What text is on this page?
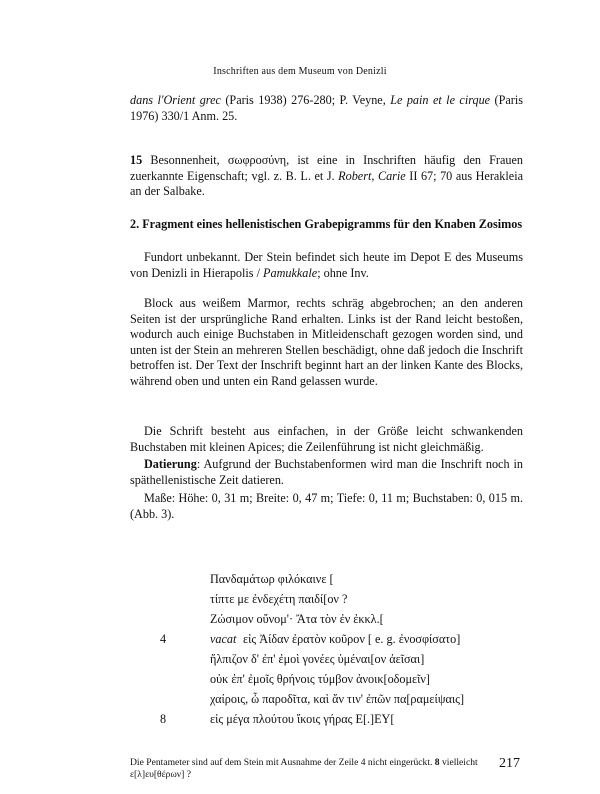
Inschriften aus dem Museum von Denizli

dans l'Orient grec (Paris 1938) 276-280; P. Veyne, Le pain et le cirque (Paris 1976) 330/1 Anm. 25.

15 Besonnenheit, σωφροσύνη, ist eine in Inschriften häufig den Frauen zuerkannte Eigenschaft; vgl. z. B. L. et J. Robert, Carie II 67; 70 aus Herakleia an der Salbake.

2. Fragment eines hellenistischen Grabepigramms für den Knaben Zosimos

Fundort unbekannt. Der Stein befindet sich heute im Depot E des Museums von Denizli in Hierapolis / Pamukkale; ohne Inv.

Block aus weißem Marmor, rechts schräg abgebrochen; an den anderen Seiten ist der ursprüngliche Rand erhalten. Links ist der Rand leicht bestoßen, wodurch auch einige Buchstaben in Mitleidenschaft gezogen worden sind, und unten ist der Stein an mehreren Stellen beschädigt, ohne daß jedoch die Inschrift betroffen ist. Der Text der Inschrift beginnt hart an der linken Kante des Blocks, während oben und unten ein Rand gelassen wurde.

Die Schrift besteht aus einfachen, in der Größe leicht schwankenden Buchstaben mit kleinen Apices; die Zeilenführung ist nicht gleichmäßig.

Datierung: Aufgrund der Buchstabenformen wird man die Inschrift noch in späthellenistische Zeit datieren.

Maße: Höhe: 0, 31 m; Breite: 0, 47 m; Tiefe: 0, 11 m; Buchstaben: 0, 015 m. (Abb. 3).

Πανδαμάτωρ φιλόκαινε [
τίπτε με ἐνδεχέτη παιδί[ον ?
Ζώσιμον οὔνομ'· Ἄτα τὸν ἐν ἐκκλ.[
4	vacat εἰς Ἀίδαν ἐρατὸν κοῦρον [ e. g. ἐνοσφίσατο]
ἤλπιζον δ' ἐπ' ἐμοὶ γονέες ὑμέναι[ον ἀεῖσαι]
οὐκ ἐπ' ἐμοῖς θρήνοις τύμβον ἀνοικ[οδομεῖν]
χαίροις, ὦ παροδῖτα, καὶ ἄν τιν' ἐπῶν πα[ραμείψαις]
8	εἰς μέγα πλούτου ἴκοις γήρας Ε[.]ΕΥ[

Die Pentameter sind auf dem Stein mit Ausnahme der Zeile 4 nicht eingerückt. 8 vielleicht ε[λ]ευ[θέρων] ?

217
